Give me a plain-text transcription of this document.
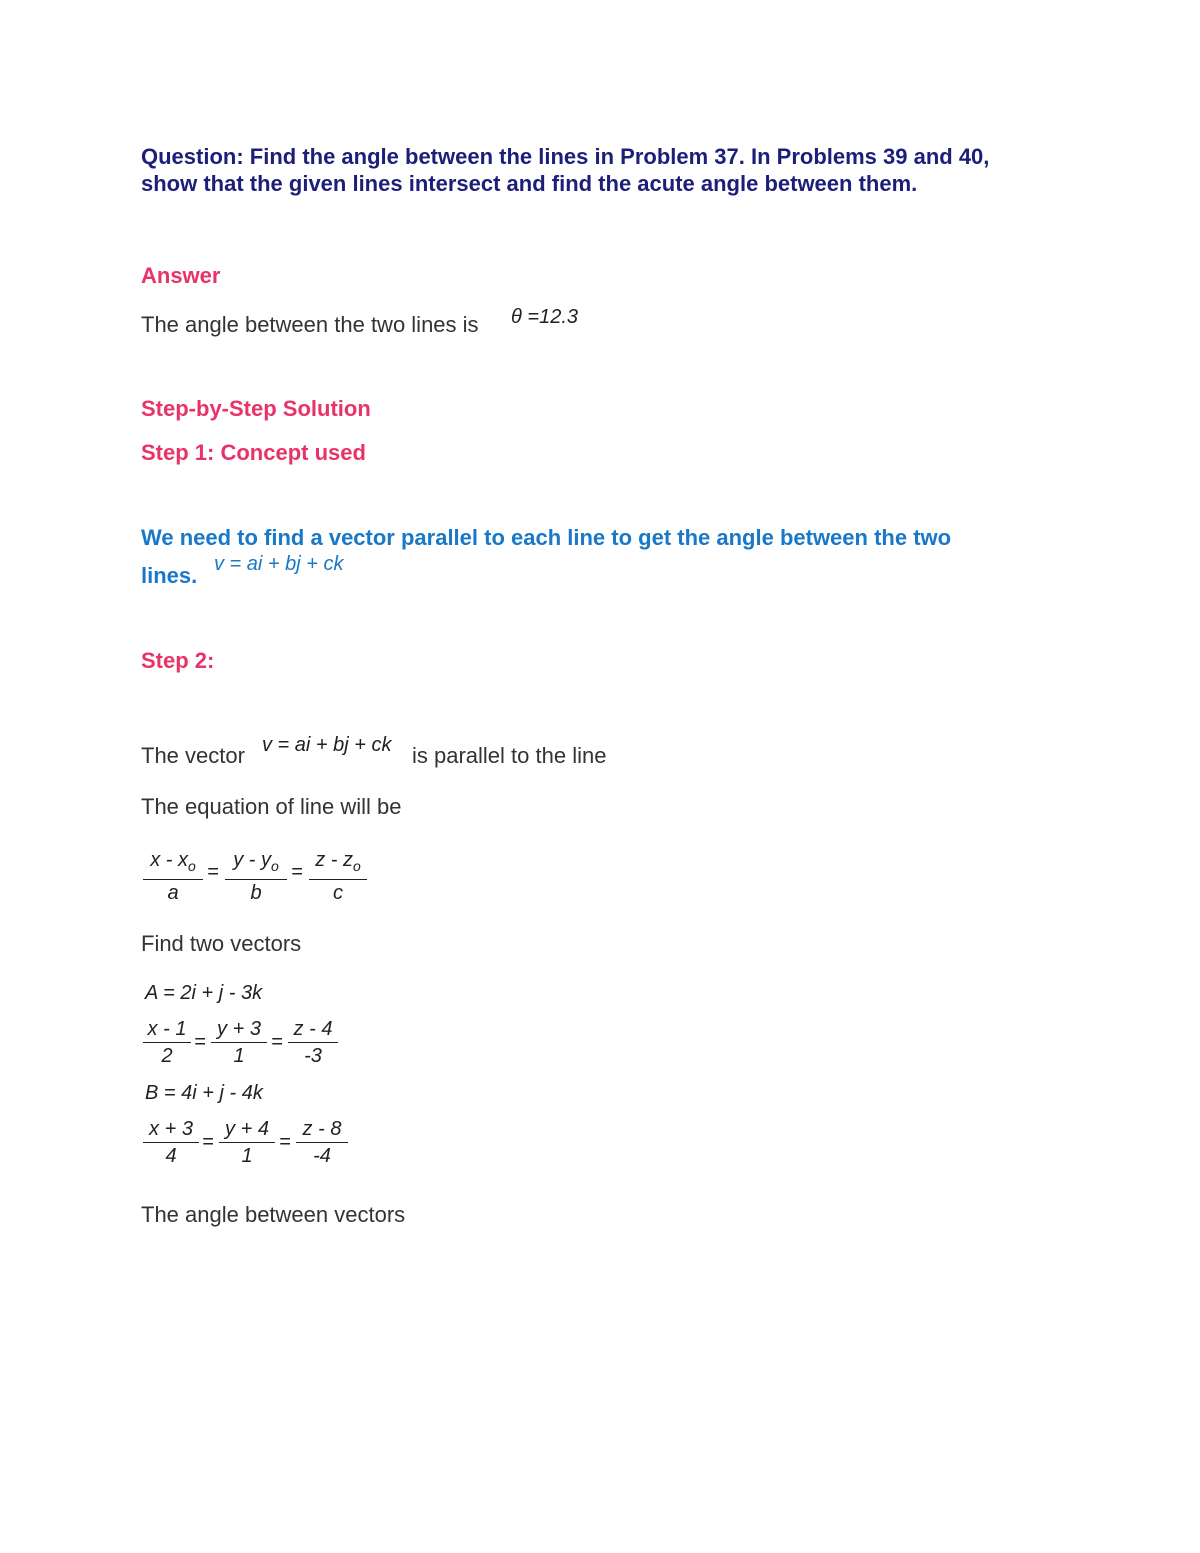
Question: Find the angle between the lines in Problem 37. In Problems 39 and 40,
show that the given lines intersect and find the acute angle between them.
Answer
The angle between the two lines is θ =12.3
Step-by-Step Solution
Step 1: Concept used
We need to find a vector parallel to each line to get the angle between the two
lines. v = ai + bj + ck
Step 2:
The vector v = ai + bj + ck is parallel to the line
The equation of line will be
$\frac{x - x_o}{a} = \frac{y - y_o}{b} = \frac{z - z_o}{c}$
Find two vectors
A = 2i + j - 3k
$\frac{x - 1}{2} = \frac{y + 3}{1} = \frac{z - 4}{-3}$
B = 4i + j - 4k
$\frac{x + 3}{4} = \frac{y + 4}{1} = \frac{z - 8}{-4}$
The angle between vectors
